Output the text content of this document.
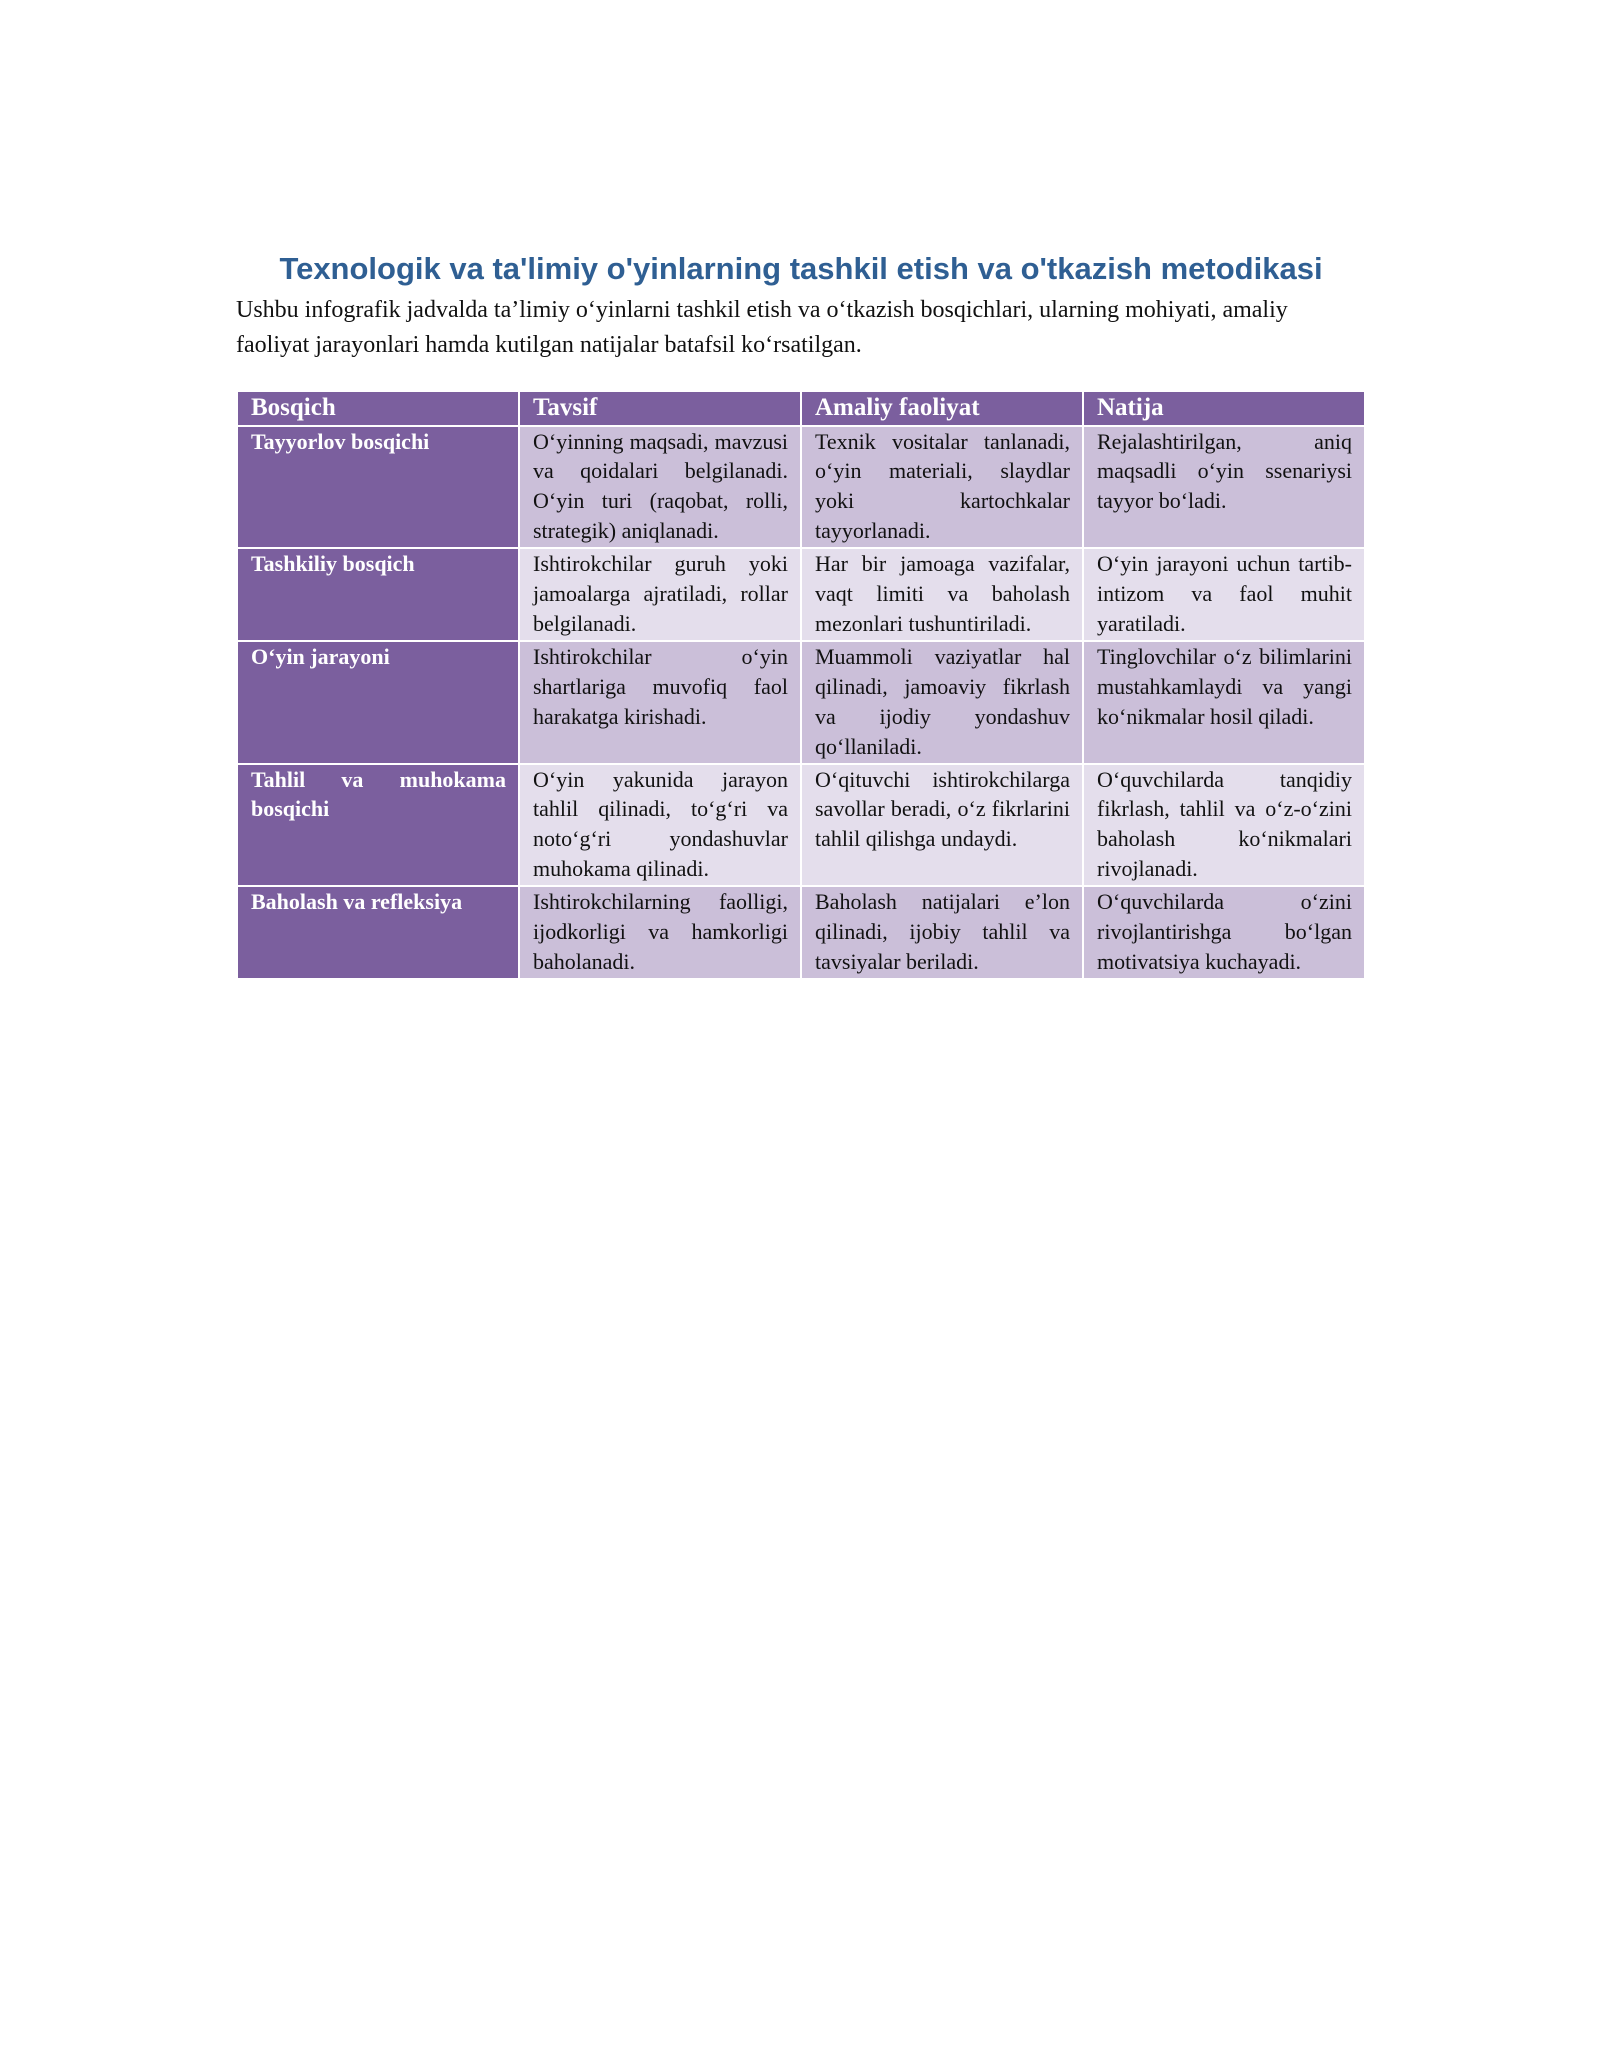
Texnologik va ta'limiy o'yinlarning tashkil etish va o'tkazish metodikasi

Ushbu infografik jadvalda ta’limiy o‘yinlarni tashkil etish va o‘tkazish bosqichlari, ularning mohiyati, amaliy faoliyat jarayonlari hamda kutilgan natijalar batafsil ko‘rsatilgan.

Bosqich	Tavsif	Amaliy faoliyat	Natija
Tayyorlov bosqichi	O‘yinning maqsadi, mavzusi va qoidalari belgilanadi. O‘yin turi (raqobat, rolli, strategik) aniqlanadi.	Texnik vositalar tanlanadi, o‘yin materiali, slaydlar yoki kartochkalar tayyorlanadi.	Rejalashtirilgan, aniq maqsadli o‘yin ssenariysi tayyor bo‘ladi.
Tashkiliy bosqich	Ishtirokchilar guruh yoki jamoalarga ajratiladi, rollar belgilanadi.	Har bir jamoaga vazifalar, vaqt limiti va baholash mezonlari tushuntiriladi.	O‘yin jarayoni uchun tartib-intizom va faol muhit yaratiladi.
O‘yin jarayoni	Ishtirokchilar o‘yin shartlariga muvofiq faol harakatga kirishadi.	Muammoli vaziyatlar hal qilinadi, jamoaviy fikrlash va ijodiy yondashuv qo‘llaniladi.	Tinglovchilar o‘z bilimlarini mustahkamlaydi va yangi ko‘nikmalar hosil qiladi.
Tahlil va muhokama bosqichi	O‘yin yakunida jarayon tahlil qilinadi, to‘g‘ri va noto‘g‘ri yondashuvlar muhokama qilinadi.	O‘qituvchi ishtirokchilarga savollar beradi, o‘z fikrlarini tahlil qilishga undaydi.	O‘quvchilarda tanqidiy fikrlash, tahlil va o‘z-o‘zini baholash ko‘nikmalari rivojlanadi.
Baholash va refleksiya	Ishtirokchilarning faolligi, ijodkorligi va hamkorligi baholanadi.	Baholash natijalari e’lon qilinadi, ijobiy tahlil va tavsiyalar beriladi.	O‘quvchilarda o‘zini rivojlantirishga bo‘lgan motivatsiya kuchayadi.
